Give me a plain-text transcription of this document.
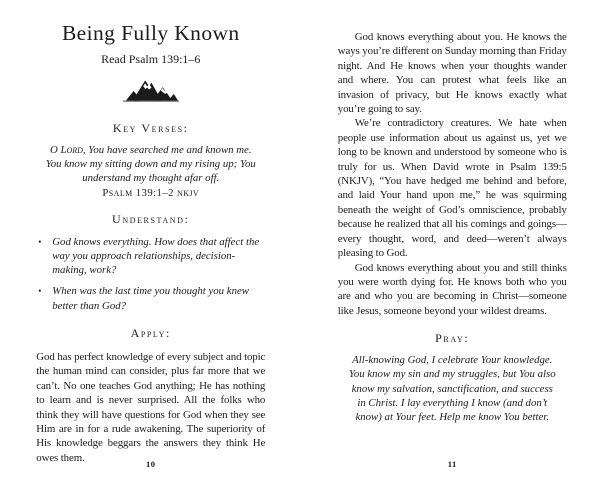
Being Fully Known
Read Psalm 139:1–6
Key Verses:

O Lord, You have searched me and known me. You know my sitting down and my rising up; You understand my thought afar off.

Psalm 139:1–2 nkjv
Understand:
•	God knows everything. How does that affect the way you approach relationships, decision-making, work?
•	When was the last time you thought you knew better than God?
Apply:

God has perfect knowledge of every subject and topic the human mind can consider, plus far more that we can’t. No one teaches God anything; He has nothing to learn and is never surprised. All the folks who think they will have questions for God when they see Him are in for a rude awakening. The superiority of His knowledge beggars the answers they think He owes them.

10

God knows everything about you. He knows the ways you’re different on Sunday morning than Friday night. And He knows when your thoughts wander and where. You can protest what feels like an invasion of privacy, but He knows exactly what you’re going to say.

We’re contradictory creatures. We hate when people use information about us against us, yet we long to be known and understood by someone who is truly for us. When David wrote in Psalm 139:5 (NKJV), “You have hedged me behind and before, and laid Your hand upon me,” he was squirming beneath the weight of God’s omniscience, probably because he realized that all his comings and goings—every thought, word, and deed—weren’t always pleasing to God.

God knows everything about you and still thinks you were worth dying for. He knows both who you are and who you are becoming in Christ—someone like Jesus, someone beyond your wildest dreams.

Pray:

All-knowing God, I celebrate Your knowledge. You know my sin and my struggles, but You also know my salvation, sanctification, and success in Christ. I lay everything I know (and don’t know) at Your feet. Help me know You better.

11
